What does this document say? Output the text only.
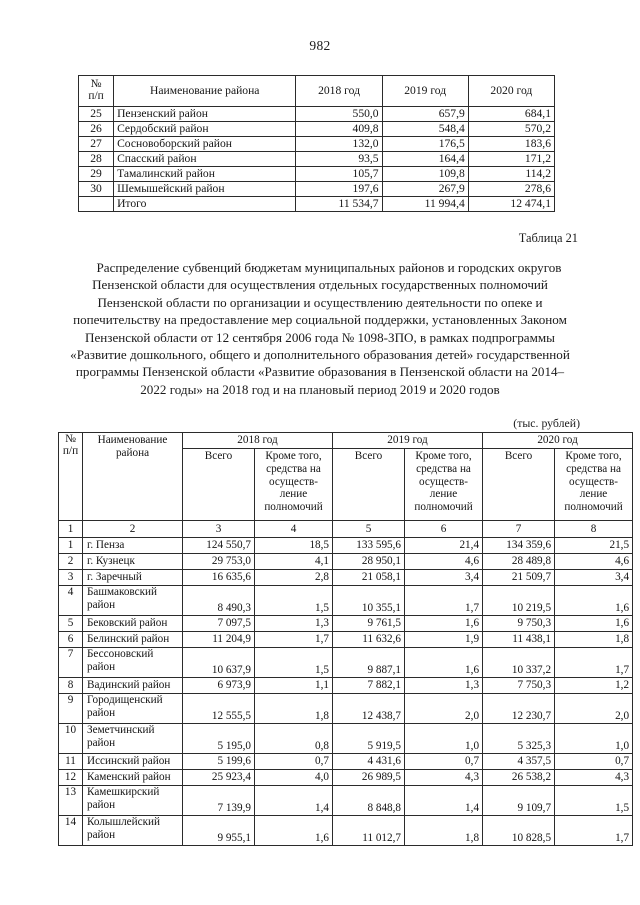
982
№
п/п	Наименование района	2018 год	2019 год	2020 год
25	Пензенский район	550,0	657,9	684,1
26	Сердобский район	409,8	548,4	570,2
27	Сосновоборский район	132,0	176,5	183,6
28	Спасский район	93,5	164,4	171,2
29	Тамалинский район	105,7	109,8	114,2
30	Шемышейский район	197,6	267,9	278,6
	Итого	11 534,7	11 994,4	12 474,1
Таблица 21
Распределение субвенций бюджетам муниципальных районов и городских округов Пензенской области для осуществления отдельных государственных полномочий Пензенской области по организации и осуществлению деятельности по опеке и попечительству на предоставление мер социальной поддержки, установленных Законом Пензенской области от 12 сентября 2006 года № 1098-ЗПО, в рамках подпрограммы «Развитие дошкольного, общего и дополнительного образования детей» государственной программы Пензенской области «Развитие образования в Пензенской области на 2014–2022 годы» на 2018 год и на плановый период 2019 и 2020 годов
(тыс. рублей)
№
п/п	Наименование
района	2018 год		2019 год		2020 год	
		Всего	Кроме того, средства на осуществ-ление полномочий	Всего	Кроме того, средства на осуществ-ление полномочий	Всего	Кроме того, средства на осуществ-ление полномочий
1	2	3	4	5	6	7	8
1	г. Пенза	124 550,7	18,5	133 595,6	21,4	134 359,6	21,5
2	г. Кузнецк	29 753,0	4,1	28 950,1	4,6	28 489,8	4,6
3	г. Заречный	16 635,6	2,8	21 058,1	3,4	21 509,7	3,4
4	Башмаковский
район	8 490,3	1,5	10 355,1	1,7	10 219,5	1,6
5	Бековский район	7 097,5	1,3	9 761,5	1,6	9 750,3	1,6
6	Белинский район	11 204,9	1,7	11 632,6	1,9	11 438,1	1,8
7	Бессоновский
район	10 637,9	1,5	9 887,1	1,6	10 337,2	1,7
8	Вадинский район	6 973,9	1,1	7 882,1	1,3	7 750,3	1,2
9	Городищенский
район	12 555,5	1,8	12 438,7	2,0	12 230,7	2,0
10	Земетчинский
район	5 195,0	0,8	5 919,5	1,0	5 325,3	1,0
11	Иссинский район	5 199,6	0,7	4 431,6	0,7	4 357,5	0,7
12	Каменский район	25 923,4	4,0	26 989,5	4,3	26 538,2	4,3
13	Камешкирский
район	7 139,9	1,4	8 848,8	1,4	9 109,7	1,5
14	Колышлейский
район	9 955,1	1,6	11 012,7	1,8	10 828,5	1,7
